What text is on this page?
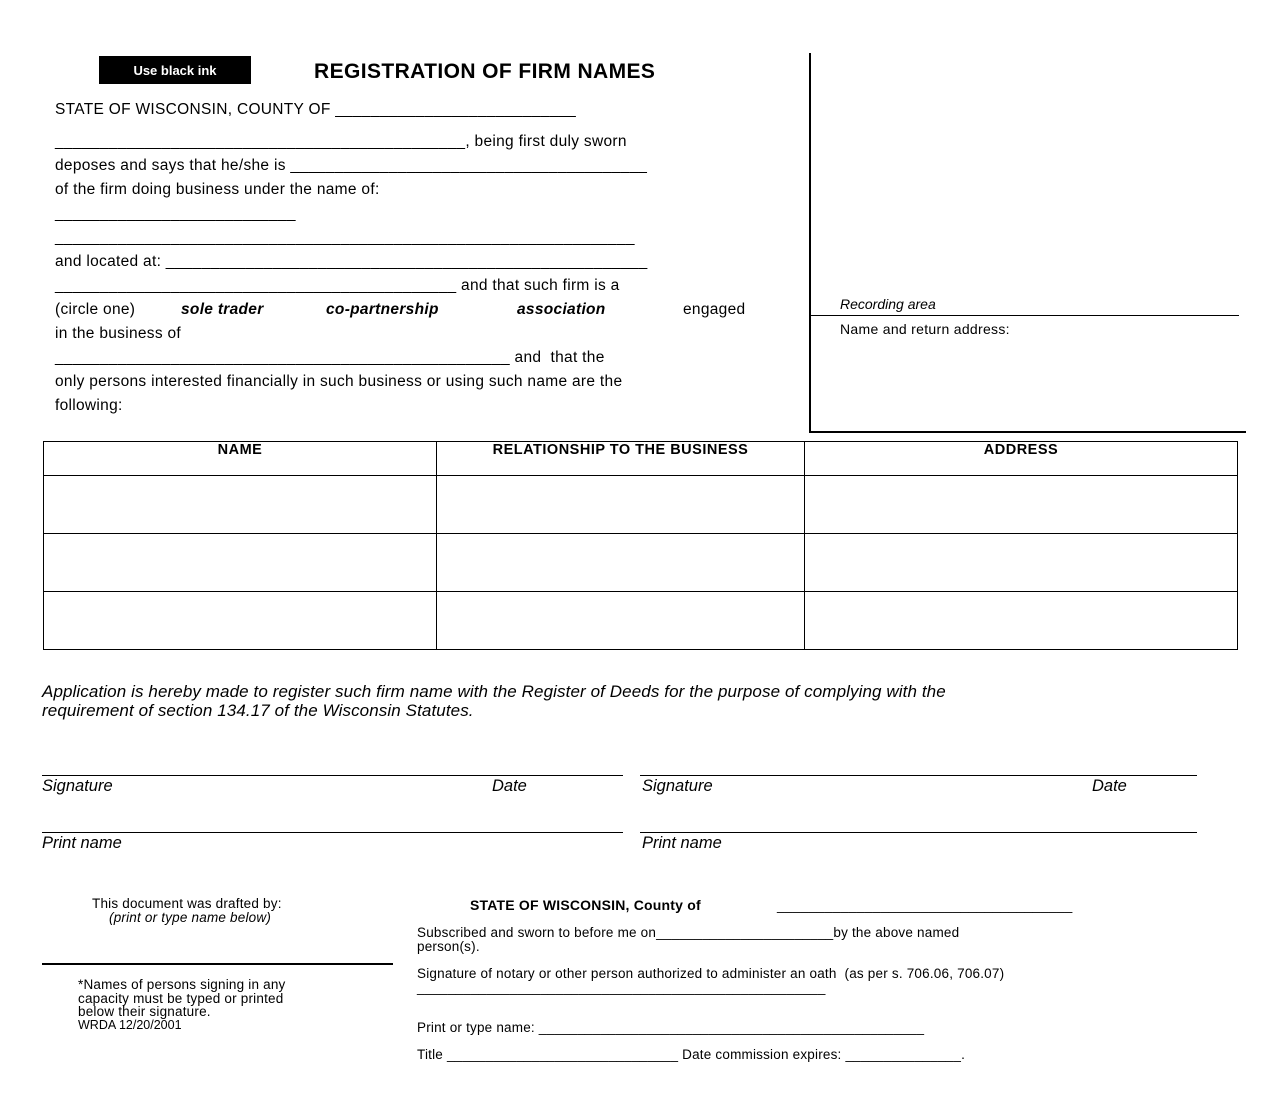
Use black ink	REGISTRATION OF FIRM NAMES
Recording area
Name and return address:
STATE OF WISCONSIN, COUNTY OF ___________________________
______________________________________________, being first duly sworn
deposes and says that he/she is ________________________________________
of the firm doing business under the name of:
___________________________
_________________________________________________________________
and located at: ______________________________________________________
_____________________________________________ and that such firm is a
(circle one)	sole trader	co-partnership	association	engaged
in the business of
___________________________________________________ and  that the
only persons interested financially in such business or using such name are the
following:
NAME	RELATIONSHIP TO THE BUSINESS	ADDRESS

Application is hereby made to register such firm name with the Register of Deeds for the purpose of complying with the
requirement of section 134.17 of the Wisconsin Statutes.
Signature	Date	Signature	Date
Print name	Print name
This document was drafted by:
(print or type name below)
*Names of persons signing in any
capacity must be typed or printed
below their signature.
WRDA 12/20/2001
STATE OF WISCONSIN, County of	_____________________________________
Subscribed and sworn to before me on_______________________by the above named
person(s).
Signature of notary or other person authorized to administer an oath  (as per s. 706.06, 706.07)
_____________________________________________________
Print or type name: __________________________________________________
Title ______________________________ Date commission expires: _______________.
